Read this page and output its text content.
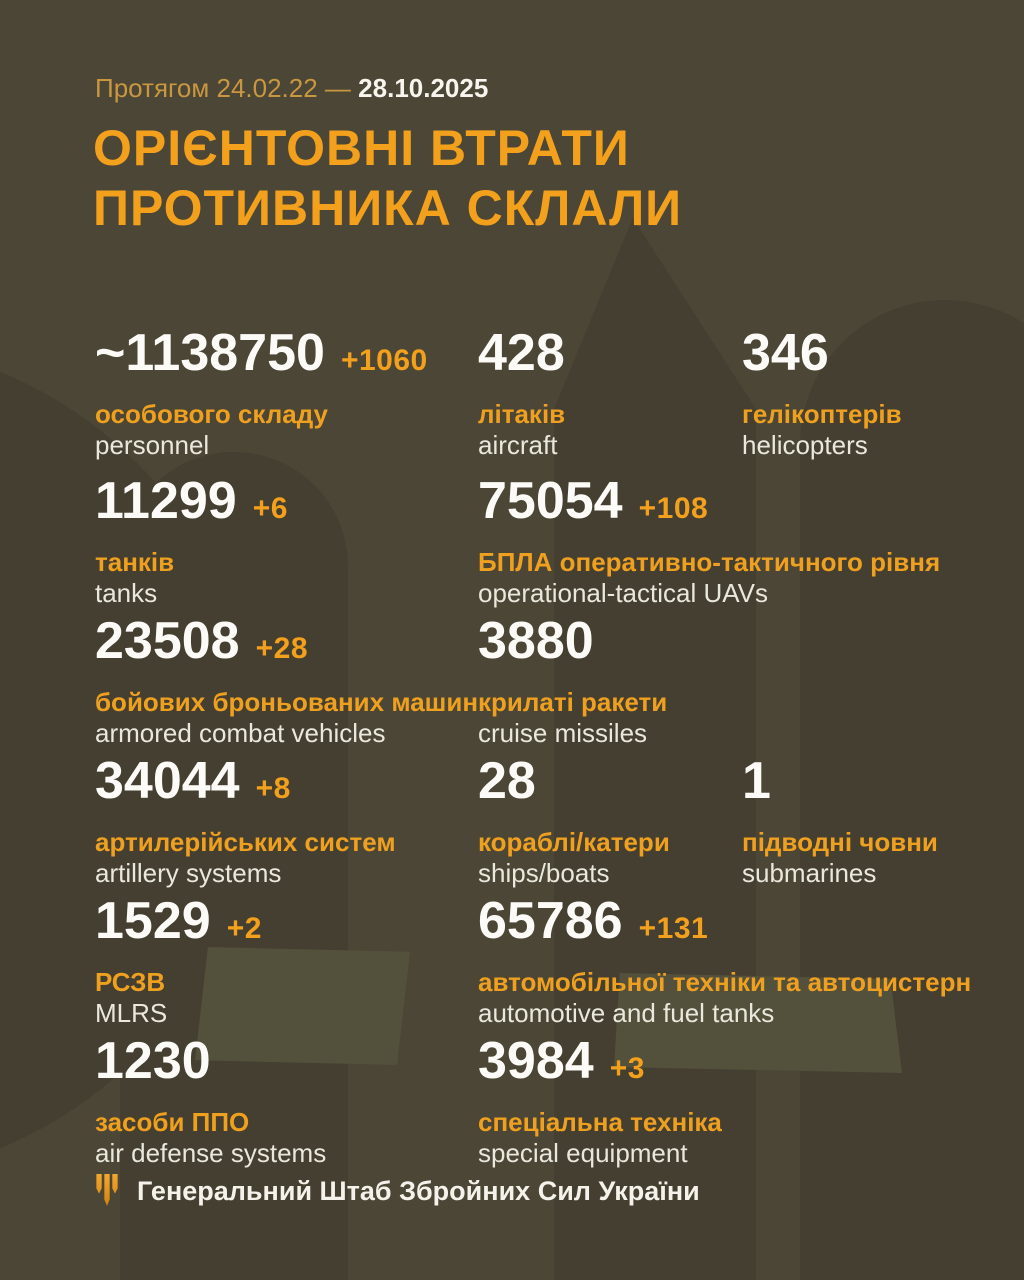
Протягом 24.02.22 — 28.10.2025
ОРІЄНТОВНІ ВТРАТИ
ПРОТИВНИКА СКЛАЛИ
~1138750 +1060
особового складу
personnel
428
літаків
aircraft
346
гелікоптерів
helicopters
11299 +6
танків
tanks
75054 +108
БПЛА оперативно-тактичного рівня
operational-tactical UAVs
23508 +28
бойових броньованих машин
armored combat vehicles
3880
крилаті ракети
cruise missiles
34044 +8
артилерійських систем
artillery systems
28
кораблі/катери
ships/boats
1
підводні човни
submarines
1529 +2
РСЗВ
MLRS
65786 +131
автомобільної техніки та автоцистерн
automotive and fuel tanks
1230
засоби ППО
air defense systems
3984 +3
спеціальна техніка
special equipment
Генеральний Штаб Збройних Сил України
